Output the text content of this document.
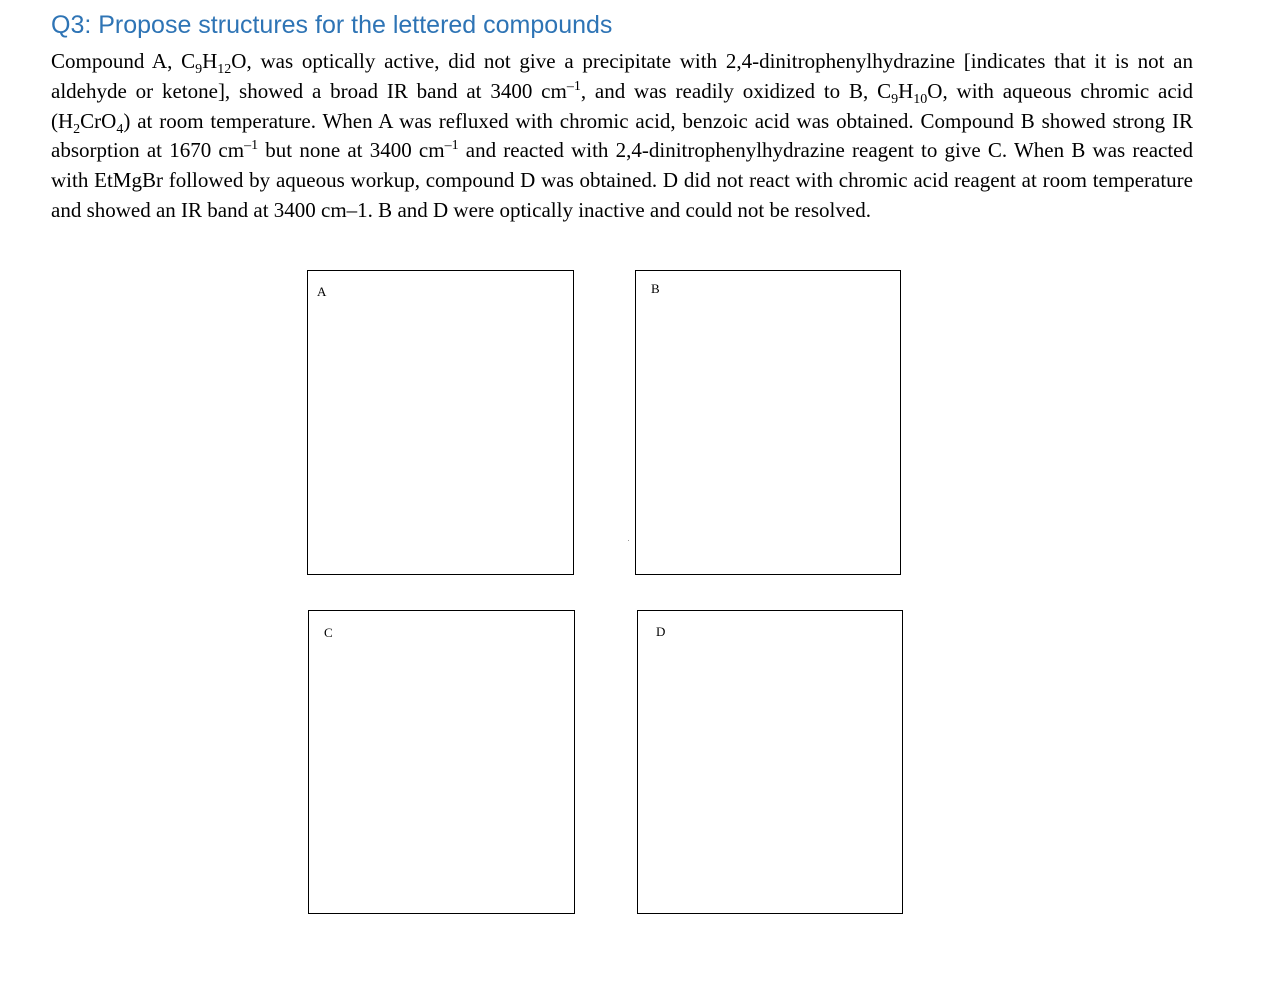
Q3: Propose structures for the lettered compounds

Compound A, $C_9H_{12}O$, was optically active, did not give a precipitate with 2,4-dinitrophenylhydrazine [indicates that it is not an aldehyde or ketone], showed a broad IR band at 3400 $cm^{-1}$, and was readily oxidized to B, $C_9H_{10}O$, with aqueous chromic acid $(H_2CrO_4)$ at room temperature. When A was refluxed with chromic acid, benzoic acid was obtained. Compound B showed strong IR absorption at 1670 $cm^{-1}$ but none at 3400 $cm^{-1}$ and reacted with 2,4-dinitrophenylhydrazine reagent to give C. When B was reacted with EtMgBr followed by aqueous workup, compound D was obtained. D did not react with chromic acid reagent at room temperature and showed an IR band at 3400 cm–1. B and D were optically inactive and could not be resolved.

A	B
C	D
